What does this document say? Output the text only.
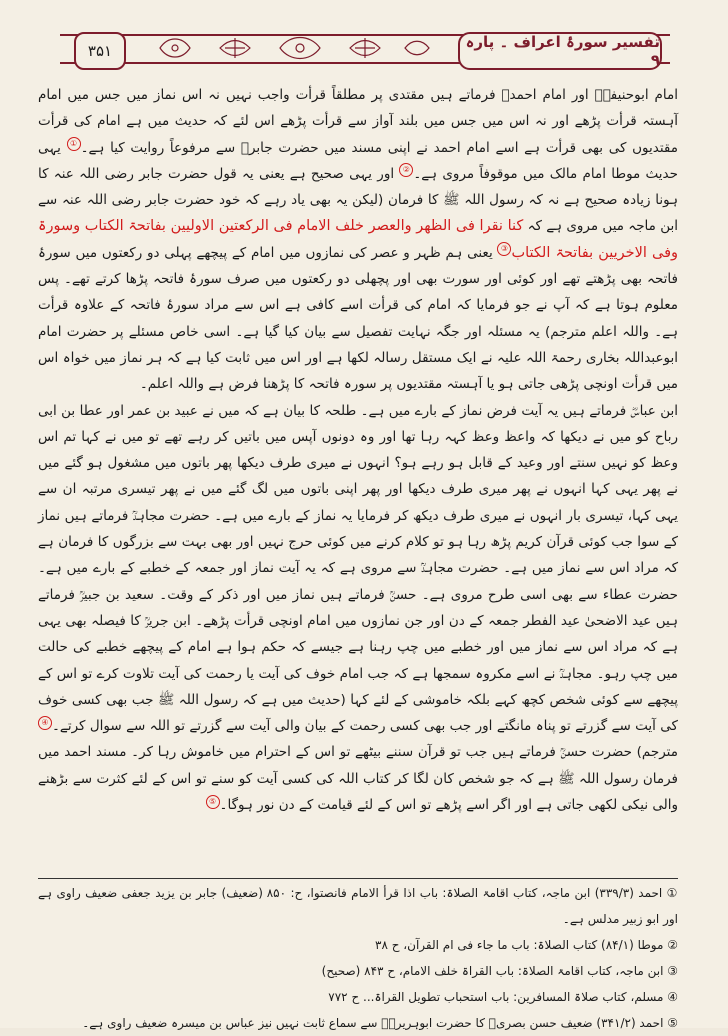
۳۵۱	تفسیر سورۂ اعراف ۔ پارہ ۹

امام ابوحنیفہؒ اور امام احمدؒ فرماتے ہیں مقتدی پر مطلقاً قرأت واجب نہیں نہ اس نماز میں جس میں امام آہستہ قرأت پڑھے اور نہ اس میں جس میں بلند آواز سے قرأت پڑھے اس لئے کہ حدیث میں ہے امام کی قرأت مقتدیوں کی بھی قرأت ہے اسے امام احمد نے اپنی مسند میں حضرت جابرؓ سے مرفوعاً روایت کیا ہے۔① یہی حدیث موطا امام مالک میں موقوفاً مروی ہے۔② اور یہی صحیح ہے یعنی یہ قول حضرت جابر رضی اللہ عنہ کا ہونا زیادہ صحیح ہے نہ کہ رسول اللہ ﷺ کا فرمان (لیکن یہ بھی یاد رہے کہ خود حضرت جابر رضی اللہ عنہ سے ابن ماجہ میں مروی ہے کہ کنا نقرا فی الظھر والعصر خلف الامام فی الرکعتین الاولیین بفاتحۃ الکتاب وسورۃ وفی الاخریین بفاتحۃ الکتاب③ یعنی ہم ظہر و عصر کی نمازوں میں امام کے پیچھے پہلی دو رکعتوں میں سورۂ فاتحہ بھی پڑھتے تھے اور کوئی اور سورت بھی اور پچھلی دو رکعتوں میں صرف سورۂ فاتحہ پڑھا کرتے تھے۔ پس معلوم ہوتا ہے کہ آپ نے جو فرمایا کہ امام کی قرأت اسے کافی ہے اس سے مراد سورۂ فاتحہ کے علاوہ قرأت ہے۔ واللہ اعلم مترجم) یہ مسئلہ اور جگہ نہایت تفصیل سے بیان کیا گیا ہے۔ اسی خاص مسئلے پر حضرت امام ابوعبداللہ بخاری رحمۃ اللہ علیہ نے ایک مستقل رسالہ لکھا ہے اور اس میں ثابت کیا ہے کہ ہر نماز میں خواہ اس میں قرأت اونچی پڑھی جاتی ہو یا آہستہ مقتدیوں پر سورہ فاتحہ کا پڑھنا فرض ہے واللہ اعلم۔

ابن عباسؓ فرماتے ہیں یہ آیت فرض نماز کے بارے میں ہے۔ طلحہ کا بیان ہے کہ میں نے عبید بن عمر اور عطا بن ابی رباح کو میں نے دیکھا کہ واعظ وعظ کہہ رہا تھا اور وہ دونوں آپس میں باتیں کر رہے تھے تو میں نے کہا تم اس وعظ کو نہیں سنتے اور وعید کے قابل ہو رہے ہو؟ انہوں نے میری طرف دیکھا پھر باتوں میں مشغول ہو گئے میں نے پھر یہی کہا انہوں نے پھر میری طرف دیکھا اور پھر اپنی باتوں میں لگ گئے میں نے پھر تیسری مرتبہ ان سے یہی کہا، تیسری بار انہوں نے میری طرف دیکھ کر فرمایا یہ نماز کے بارے میں ہے۔ حضرت مجاہدؒ فرماتے ہیں نماز کے سوا جب کوئی قرآن کریم پڑھ رہا ہو تو کلام کرنے میں کوئی حرج نہیں اور بھی بہت سے بزرگوں کا فرمان ہے کہ مراد اس سے نماز میں ہے۔ حضرت مجاہدؒ سے مروی ہے کہ یہ آیت نماز اور جمعہ کے خطبے کے بارے میں ہے۔ حضرت عطاء سے بھی اسی طرح مروی ہے۔ حسنؒ فرماتے ہیں نماز میں اور ذکر کے وقت۔ سعید بن جبیرؒ فرماتے ہیں عید الاضحیٰ عید الفطر جمعہ کے دن اور جن نمازوں میں امام اونچی قرأت پڑھے۔ ابن جریرؒ کا فیصلہ بھی یہی ہے کہ مراد اس سے نماز میں اور خطبے میں چپ رہنا ہے جیسے کہ حکم ہوا ہے امام کے پیچھے خطبے کی حالت میں چپ رہو۔ مجاہدؒ نے اسے مکروہ سمجھا ہے کہ جب امام خوف کی آیت یا رحمت کی آیت تلاوت کرے تو اس کے پیچھے سے کوئی شخص کچھ کہے بلکہ خاموشی کے لئے کہا (حدیث میں ہے کہ رسول اللہ ﷺ جب بھی کسی خوف کی آیت سے گزرتے تو پناہ مانگتے اور جب بھی کسی رحمت کے بیان والی آیت سے گزرتے تو اللہ سے سوال کرتے۔④ مترجم) حضرت حسنؒ فرماتے ہیں جب تو قرآن سننے بیٹھے تو اس کے احترام میں خاموش رہا کر۔ مسند احمد میں فرمان رسول اللہ ﷺ ہے کہ جو شخص کان لگا کر کتاب اللہ کی کسی آیت کو سنے تو اس کے لئے کثرت سے بڑھنے والی نیکی لکھی جاتی ہے اور اگر اسے پڑھے تو اس کے لئے قیامت کے دن نور ہوگا۔⑤

① احمد (۳۳۹/۳) ابن ماجہ، کتاب اقامۃ الصلاۃ: باب اذا قرأ الامام فانصتوا، ح: ۸۵۰ (ضعیف) جابر بن یزید جعفی ضعیف راوی ہے اور ابو زبیر مدلس ہے۔

② موطا (۸۴/۱) کتاب الصلاۃ: باب ما جاء فی ام القرآن، ح ۳۸

③ ابن ماجہ، کتاب اقامۃ الصلاۃ: باب القراۃ خلف الامام، ح ۸۴۳ (صحیح)

④ مسلم، کتاب صلاۃ المسافرین: باب استحباب تطویل القراۃ... ح ۷۷۲

⑤ احمد (۳۴۱/۲) ضعیف حسن بصریؒ کا حضرت ابوہریرہؓ سے سماع ثابت نہیں نیز عباس بن میسرہ ضعیف راوی ہے۔
